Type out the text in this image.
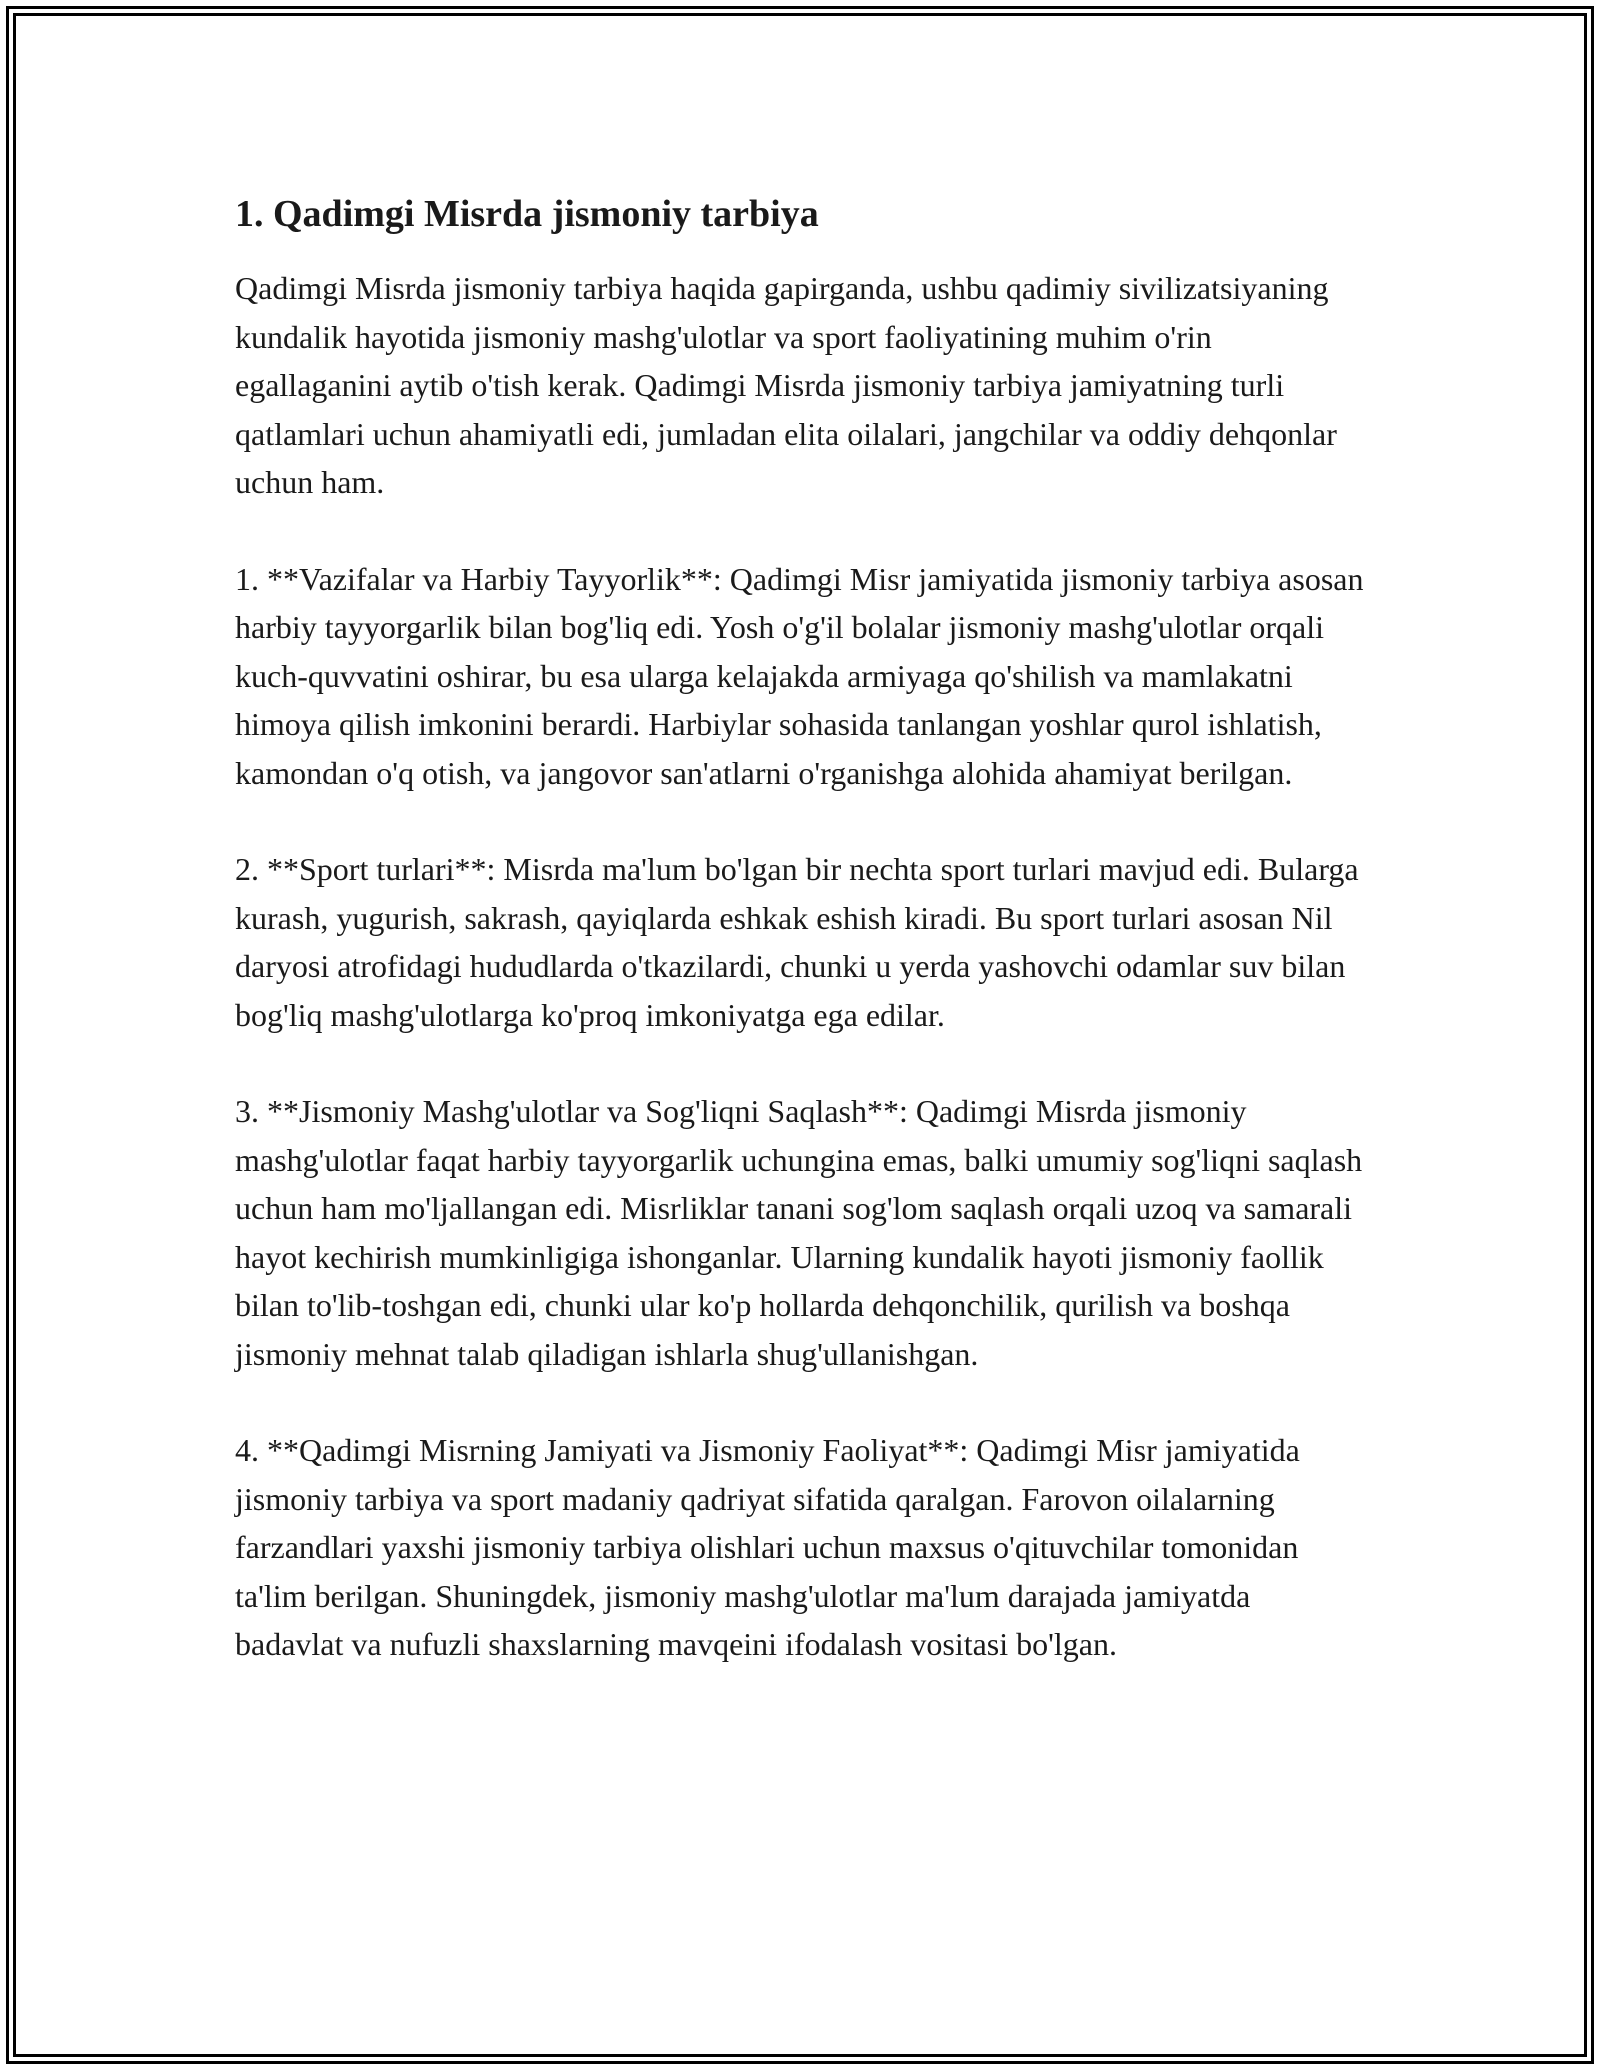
1. Qadimgi Misrda jismoniy tarbiya

Qadimgi Misrda jismoniy tarbiya haqida gapirganda, ushbu qadimiy sivilizatsiyaning kundalik hayotida jismoniy mashg'ulotlar va sport faoliyatining muhim o'rin egallaganini aytib o'tish kerak. Qadimgi Misrda jismoniy tarbiya jamiyatning turli qatlamlari uchun ahamiyatli edi, jumladan elita oilalari, jangchilar va oddiy dehqonlar uchun ham.

1. **Vazifalar va Harbiy Tayyorlik**: Qadimgi Misr jamiyatida jismoniy tarbiya asosan harbiy tayyorgarlik bilan bog'liq edi. Yosh o'g'il bolalar jismoniy mashg'ulotlar orqali kuch-quvvatini oshirar, bu esa ularga kelajakda armiyaga qo'shilish va mamlakatni himoya qilish imkonini berardi. Harbiylar sohasida tanlangan yoshlar qurol ishlatish, kamondan o'q otish, va jangovor san'atlarni o'rganishga alohida ahamiyat berilgan.

2. **Sport turlari**: Misrda ma'lum bo'lgan bir nechta sport turlari mavjud edi. Bularga kurash, yugurish, sakrash, qayiqlarda eshkak eshish kiradi. Bu sport turlari asosan Nil daryosi atrofidagi hududlarda o'tkazilardi, chunki u yerda yashovchi odamlar suv bilan bog'liq mashg'ulotlarga ko'proq imkoniyatga ega edilar.

3. **Jismoniy Mashg'ulotlar va Sog'liqni Saqlash**: Qadimgi Misrda jismoniy mashg'ulotlar faqat harbiy tayyorgarlik uchungina emas, balki umumiy sog'liqni saqlash uchun ham mo'ljallangan edi. Misrliklar tanani sog'lom saqlash orqali uzoq va samarali hayot kechirish mumkinligiga ishonganlar. Ularning kundalik hayoti jismoniy faollik bilan to'lib-toshgan edi, chunki ular ko'p hollarda dehqonchilik, qurilish va boshqa jismoniy mehnat talab qiladigan ishlarla shug'ullanishgan.

4. **Qadimgi Misrning Jamiyati va Jismoniy Faoliyat**: Qadimgi Misr jamiyatida jismoniy tarbiya va sport madaniy qadriyat sifatida qaralgan. Farovon oilalarning farzandlari yaxshi jismoniy tarbiya olishlari uchun maxsus o'qituvchilar tomonidan ta'lim berilgan. Shuningdek, jismoniy mashg'ulotlar ma'lum darajada jamiyatda badavlat va nufuzli shaxslarning mavqeini ifodalash vositasi bo'lgan.
